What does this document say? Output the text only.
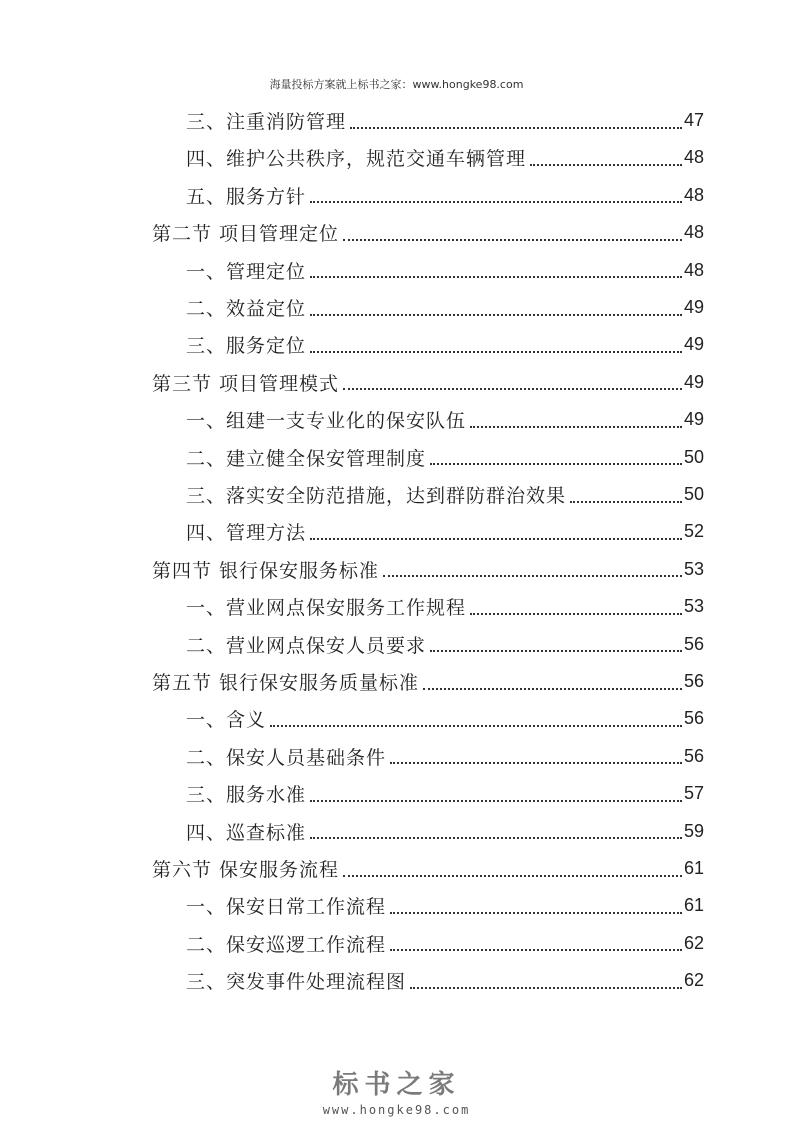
海量投标方案就上标书之家：www.hongke98.com
三、注重消防管理	47
四、维护公共秩序，规范交通车辆管理	48
五、服务方针	48
第二节 项目管理定位	48
一、管理定位	48
二、效益定位	49
三、服务定位	49
第三节 项目管理模式	49
一、组建一支专业化的保安队伍	49
二、建立健全保安管理制度	50
三、落实安全防范措施，达到群防群治效果	50
四、管理方法	52
第四节 银行保安服务标准	53
一、营业网点保安服务工作规程	53
二、营业网点保安人员要求	56
第五节 银行保安服务质量标准	56
一、含义	56
二、保安人员基础条件	56
三、服务水准	57
四、巡查标准	59
第六节 保安服务流程	61
一、保安日常工作流程	61
二、保安巡逻工作流程	62
三、突发事件处理流程图	62
标书之家
www.hongke98.com
